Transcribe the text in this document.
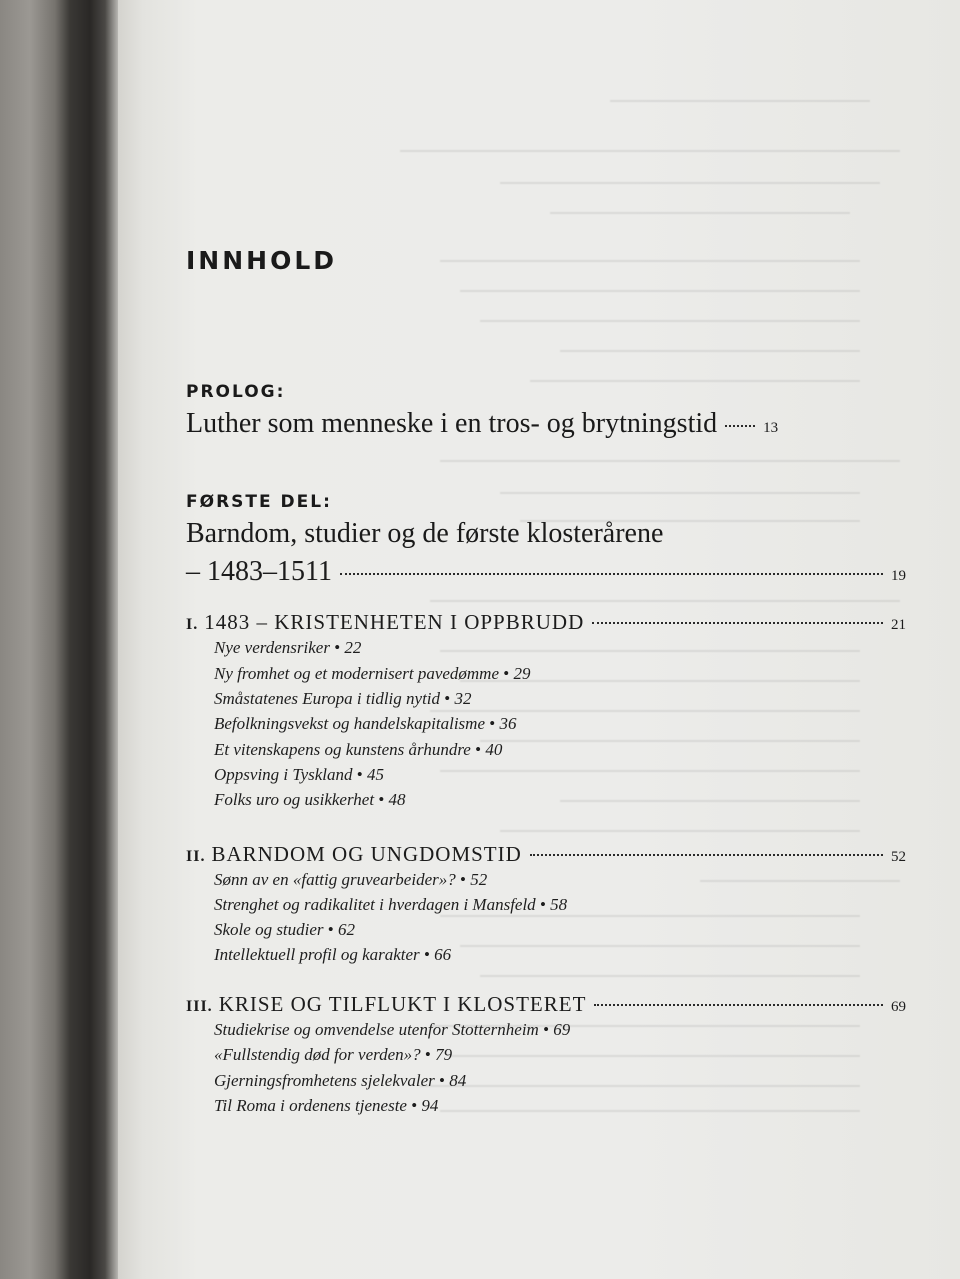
INNHOLD
PROLOG:
Luther som menneske i en tros- og brytningstid	13
FØRSTE DEL:
Barndom, studier og de første klosterårene
– 1483–1511	19
I. 1483 – KRISTENHETEN I OPPBRUDD	21
Nye verdensriker • 22
Ny fromhet og et modernisert pavedømme • 29
Småstatenes Europa i tidlig nytid • 32
Befolkningsvekst og handelskapitalisme • 36
Et vitenskapens og kunstens århundre • 40
Oppsving i Tyskland • 45
Folks uro og usikkerhet • 48
II. BARNDOM OG UNGDOMSTID	52
Sønn av en «fattig gruvearbeider»? • 52
Strenghet og radikalitet i hverdagen i Mansfeld • 58
Skole og studier • 62
Intellektuell profil og karakter • 66
III. KRISE OG TILFLUKT I KLOSTERET	69
Studiekrise og omvendelse utenfor Stotternheim • 69
«Fullstendig død for verden»? • 79
Gjerningsfromhetens sjelekvaler • 84
Til Roma i ordenens tjeneste • 94
